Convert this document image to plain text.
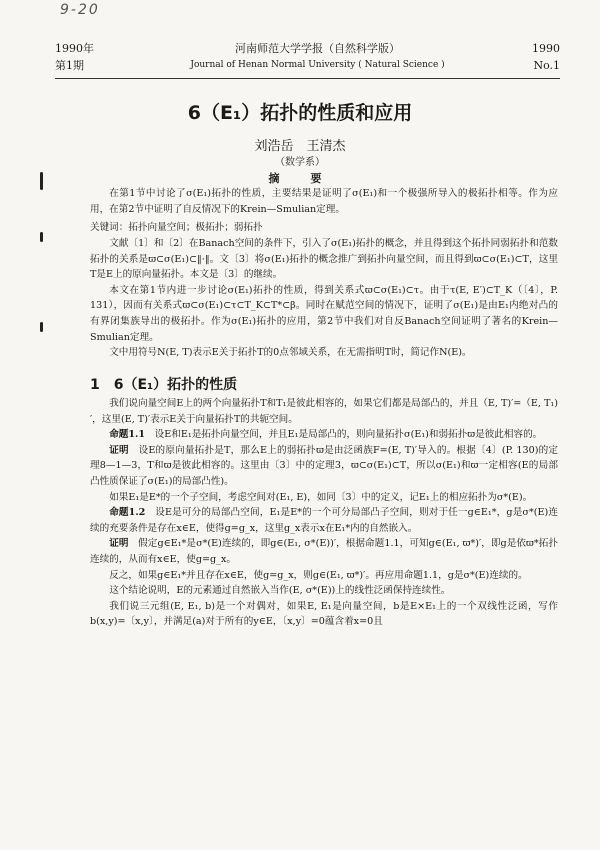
9-20
1990年
第1期
河南师范大学学报（自然科学版）
Journal of Henan Normal University ( Natural Science )
1990
No.1
6（E₁）拓扑的性质和应用
刘浩岳　王清杰
（数学系）
摘　要

在第1节中讨论了σ(E₁)拓扑的性质，主要结果是证明了σ(E₁)和一个极强所导入的极拓扑相等。作为应用，在第2节中证明了自反情况下的Krein—Smulian定理。

关键词：拓扑向量空间；极拓扑；弱拓扑

文献〔1〕和〔2〕在Banach空间的条件下，引入了σ(E₁)拓扑的概念，并且得到这个拓扑同弱拓扑和范数拓扑的关系是ϖ⊂σ(E₁)⊂‖·‖。文〔3〕将σ(E₁)拓扑的概念推广到拓扑向量空间，而且得到ϖ⊂σ(E₁)⊂T，这里T是E上的原向量拓扑。本文是〔3〕的继续。

本文在第1节内进一步讨论σ(E₁)拓扑的性质，得到关系式ϖ⊂σ(E₁)⊂τ。由于τ(E, E′)⊂T_K（〔4〕，P. 131），因而有关系式ϖ⊂σ(E₁)⊂τ⊂T_K⊂T*⊂β。同时在赋范空间的情况下，证明了σ(E₁)是由E₁内绝对凸的有界闭集族导出的极拓扑。作为σ(E₁)拓扑的应用，第2节中我们对自反Banach空间证明了著名的Krein—Smulian定理。

文中用符号N(E, T)表示E关于拓扑T的0点邻域关系，在无需指明T时，简记作N(E)。

1　6（E₁）拓扑的性质

我们说向量空间E上的两个向量拓扑T和T₁是彼此相容的，如果它们都是局部凸的，并且（E, T)′=（E, T₁)′，这里(E, T)′表示E关于向量拓扑T的共轭空间。

命题1.1　 设E和E₁是拓扑向量空间，并且E₁是局部凸的，则向量拓扑σ(E₁)和弱拓扑ϖ是彼此相容的。

证明　 设E的原向量拓扑是T，那么E上的弱拓扑ϖ是由泛函族F=(E, T)′导入的。根据〔4〕(P. 130)的定理8—1—3，T和ϖ是彼此相容的。这里由〔3〕中的定理3，ϖ⊂σ(E₁)⊂T，所以σ(E₁)和ϖ一定相容(E的局部凸性质保证了σ(E₁)的局部凸性)。

如果E₁是E*的一个子空间，考虑空间对(E₁, E)，如同〔3〕中的定义，记E₁上的相应拓扑为σ*(E)。

命题1.2　 设E是可分的局部凸空间，E₁是E*的一个可分局部凸子空间，则对于任一g∈E₁*，g是σ*(E)连续的充要条件是存在x∈E，使得g=g_x，这里g_x表示x在E₁*内的自然嵌入。

证明　 假定g∈E₁*是σ*(E)连续的，即g∈(E₁, σ*(E))′，根据命题1.1，可知g∈(E₁, ϖ*)′，即g是依ϖ*拓扑连续的，从而有x∈E，使g=g_x。

反之，如果g∈E₁*并且存在x∈E，使g=g_x，则g∈(E₁, ϖ*)′。再应用命题1.1，g是σ*(E)连续的。

这个结论说明，E的元素通过自然嵌入当作(E, σ*(E))上的线性泛函保持连续性。

我们说三元组(E, E₁, b)是一个对偶对，如果E, E₁是向量空间，b是E×E₁上的一个双线性泛函，写作b(x,y)=〔x,y〕，并满足(a)对于所有的y∈E，〔x,y〕=0蕴含着x=0且
